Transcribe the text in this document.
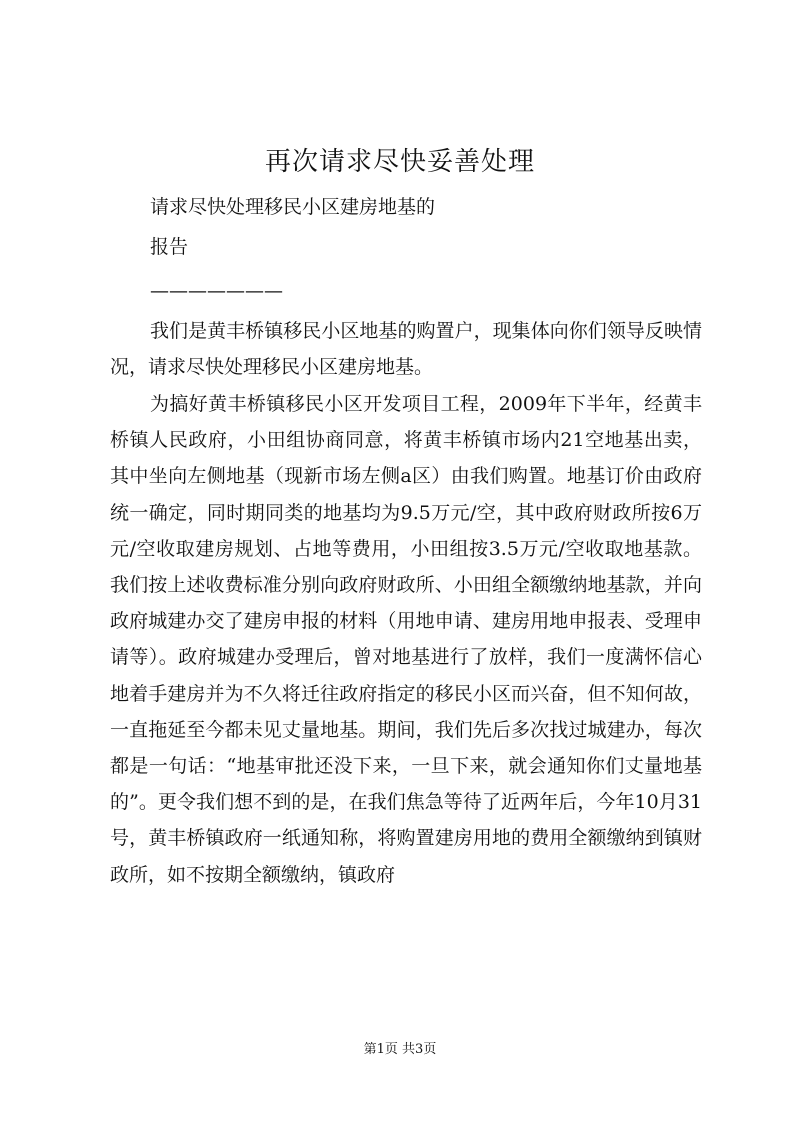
再次请求尽快妥善处理

请求尽快处理移民小区建房地基的

报告

———————

我们是黄丰桥镇移民小区地基的购置户，现集体向你们领导反映情况，请求尽快处理移民小区建房地基。

为搞好黄丰桥镇移民小区开发项目工程，2009年下半年，经黄丰桥镇人民政府，小田组协商同意，将黄丰桥镇市场内21空地基出卖，其中坐向左侧地基（现新市场左侧a区）由我们购置。地基订价由政府统一确定，同时期同类的地基均为9.5万元/空，其中政府财政所按6万元/空收取建房规划、占地等费用，小田组按3.5万元/空收取地基款。我们按上述收费标准分别向政府财政所、小田组全额缴纳地基款，并向政府城建办交了建房申报的材料（用地申请、建房用地申报表、受理申请等）。政府城建办受理后，曾对地基进行了放样，我们一度满怀信心地着手建房并为不久将迁往政府指定的移民小区而兴奋，但不知何故，一直拖延至今都未见丈量地基。期间，我们先后多次找过城建办，每次都是一句话：“地基审批还没下来，一旦下来，就会通知你们丈量地基的”。更令我们想不到的是，在我们焦急等待了近两年后，今年10月31号，黄丰桥镇政府一纸通知称，将购置建房用地的费用全额缴纳到镇财政所，如不按期全额缴纳，镇政府

第1页 共3页
